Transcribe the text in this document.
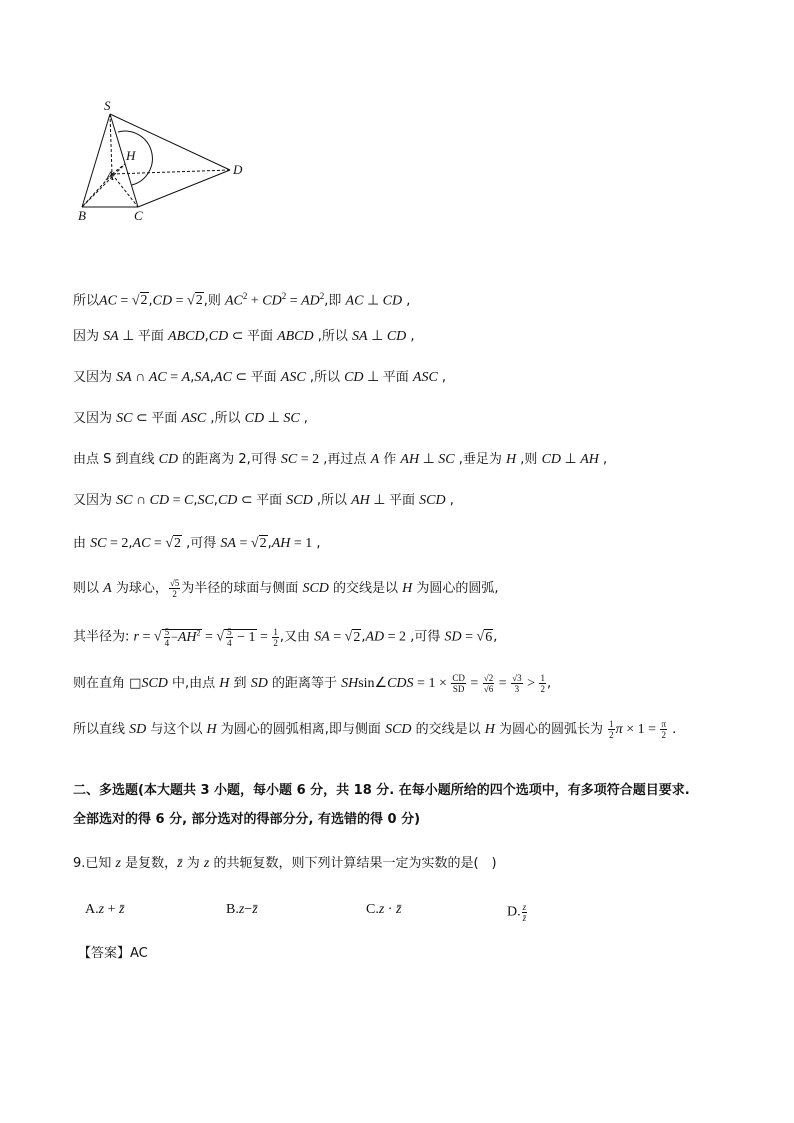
S
H
A	D
B	C
所以AC = √2,CD = √2,则 $AC^2 + CD^2 = AD^2$,即 AC ⊥ CD ,
因为 SA ⊥ 平面 ABCD,CD ⊂ 平面 ABCD ,所以 SA ⊥ CD ,
又因为 SA ∩ AC = A,SA,AC ⊂ 平面 ASC ,所以 CD ⊥ 平面 ASC ,
又因为 SC ⊂ 平面 ASC ,所以 CD ⊥ SC ,
由点 S 到直线 CD 的距离为 2,可得 SC = 2 ,再过点 A 作 AH ⊥ SC ,垂足为 H ,则 CD ⊥ AH ,
又因为 SC ∩ CD = C,SC,CD ⊂ 平面 SCD ,所以 AH ⊥ 平面 SCD ,
由 SC = 2,AC = √2 ,可得 SA = √2,AH = 1 ,
则以 A 为球心， $\frac{√5}{2}$ 为半径的球面与侧面 SCD 的交线是以 H 为圆心的圆弧,
其半径为: r = √ $\frac{5}{4} -AH^2$ = √ $\frac{5}{4} - 1 = \frac{1}{2}$ ,又由 SA = √2,AD = 2 ,可得 SD = √6,
则在直角 □SCD 中,由点 H 到 SD 的距离等于 SHsin∠CDS = $1 \times \frac{CD}{SD} = \frac{√2}{√6} = \frac{√3}{3} > \frac{1}{2}$ ,
所以直线 SD 与这个以 H 为圆心的圆弧相离,即与侧面 SCD 的交线是以 H 为圆心的圆弧长为 $\frac{1}{2}$ $\pi \times 1 = \frac{\pi}{2}$ .
二、多选题(本大题共 3 小题，每小题 6 分，共 18 分. 在每小题所给的四个选项中，有多项符合题目要求.
全部选对的得 6 分, 部分选对的得部分分, 有选错的得 0 分)
9.已知 z 是复数，z̄ 为 z 的共轭复数，则下列计算结果一定为实数的是(　)
A.z + z̄	B.z−z̄	C.z · z̄	D. $\frac{z}{z̄}$
【答案】AC
